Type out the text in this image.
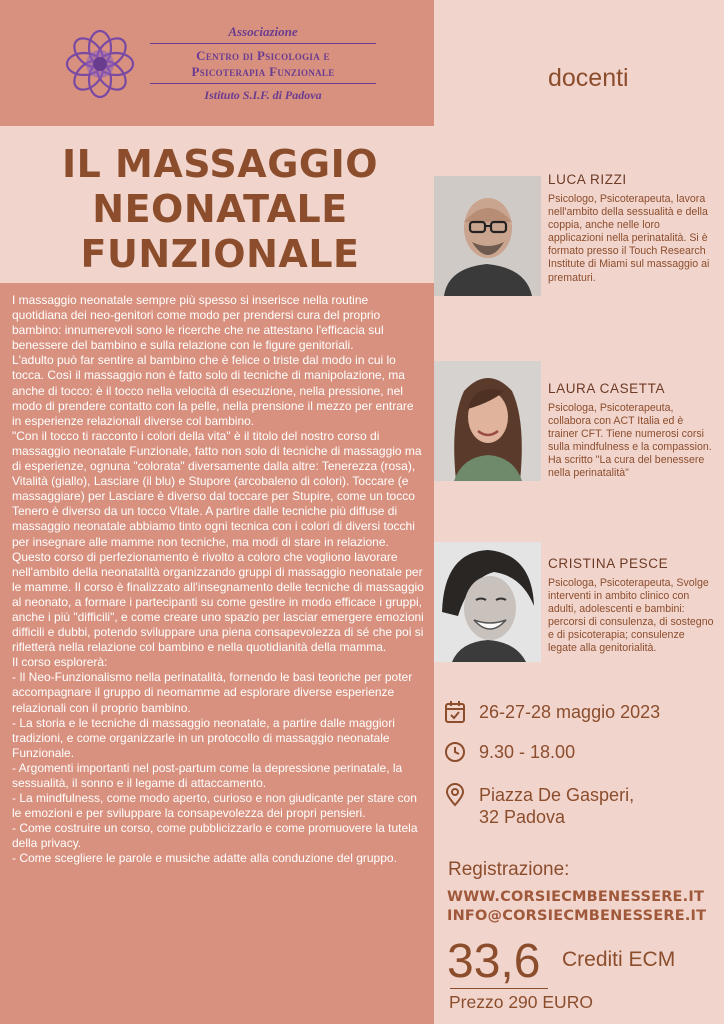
Associazione
Centro di Psicologia e
Psicoterapia Funzionale
Istituto S.I.F. di Padova
IL MASSAGGIO
NEONATALE
FUNZIONALE

I massaggio neonatale sempre più spesso si inserisce nella routine quotidiana dei neo-genitori come modo per prendersi cura del proprio bambino: innumerevoli sono le ricerche che ne attestano l'efficacia sul benessere del bambino e sulla relazione con le figure genitoriali.

L'adulto può far sentire al bambino che è felice o triste dal modo in cui lo tocca. Così il massaggio non è fatto solo di tecniche di manipolazione, ma anche di tocco: è il tocco nella velocità di esecuzione, nella pressione, nel modo di prendere contatto con la pelle, nella prensione il mezzo per entrare in esperienze relazionali diverse col bambino.

"Con il tocco ti racconto i colori della vita" è il titolo del nostro corso di massaggio neonatale Funzionale, fatto non solo di tecniche di massaggio ma di esperienze, ognuna "colorata" diversamente dalla altre: Tenerezza (rosa), Vitalità (giallo), Lasciare (il blu) e Stupore (arcobaleno di colori). Toccare (e massaggiare) per Lasciare è diverso dal toccare per Stupire, come un tocco Tenero è diverso da un tocco Vitale. A partire dalle tecniche più diffuse di massaggio neonatale abbiamo tinto ogni tecnica con i colori di diversi tocchi per insegnare alle mamme non tecniche, ma modi di stare in relazione.

Questo corso di perfezionamento è rivolto a coloro che vogliono lavorare nell'ambito della neonatalità organizzando gruppi di massaggio neonatale per le mamme. Il corso è finalizzato all'insegnamento delle tecniche di massaggio al neonato, a formare i partecipanti su come gestire in modo efficace i gruppi, anche i più "difficili", e come creare uno spazio per lasciar emergere emozioni difficili e dubbi, potendo sviluppare una piena consapevolezza di sé che poi si rifletterà nella relazione col bambino e nella quotidianità della mamma.

Il corso esplorerà:

- Il Neo-Funzionalismo nella perinatalità, fornendo le basi teoriche per poter accompagnare il gruppo di neomamme ad esplorare diverse esperienze relazionali con il proprio bambino.

- La storia e le tecniche di massaggio neonatale, a partire dalle maggiori tradizioni, e come organizzarle in un protocollo di massaggio neonatale Funzionale.

- Argomenti importanti nel post-partum come la depressione perinatale, la sessualità, il sonno e il legame di attaccamento.

- La mindfulness, come modo aperto, curioso e non giudicante per stare con le emozioni e per sviluppare la consapevolezza dei propri pensieri.

- Come costruire un corso, come pubblicizzarlo e come promuovere la tutela della privacy.

- Come scegliere le parole e musiche adatte alla conduzione del gruppo.

docenti
LUCA RIZZI
Psicologo, Psicoterapeuta, lavora nell'ambito della sessualità e della coppia, anche nelle loro applicazioni nella perinatalità. Si è formato presso il Touch Research Institute di Miami sul massaggio ai prematuri.
LAURA CASETTA
Psicologa, Psicoterapeuta, collabora con ACT Italia ed è trainer CFT. Tiene numerosi corsi sulla mindfulness e la compassion. Ha scritto "La cura del benessere nella perinatalità"
CRISTINA PESCE
Psicologa, Psicoterapeuta, Svolge interventi in ambito clinico con adulti, adolescenti e bambini: percorsi di consulenza, di sostegno e di psicoterapia; consulenze legate alla genitorialità.
26-27-28 maggio 2023
9.30 - 18.00
Piazza De Gasperi,
32 Padova
Registrazione:
WWW.CORSIECMBENESSERE.IT
INFO@CORSIECMBENESSERE.IT
33,6 Crediti ECM
Prezzo 290 EURO
